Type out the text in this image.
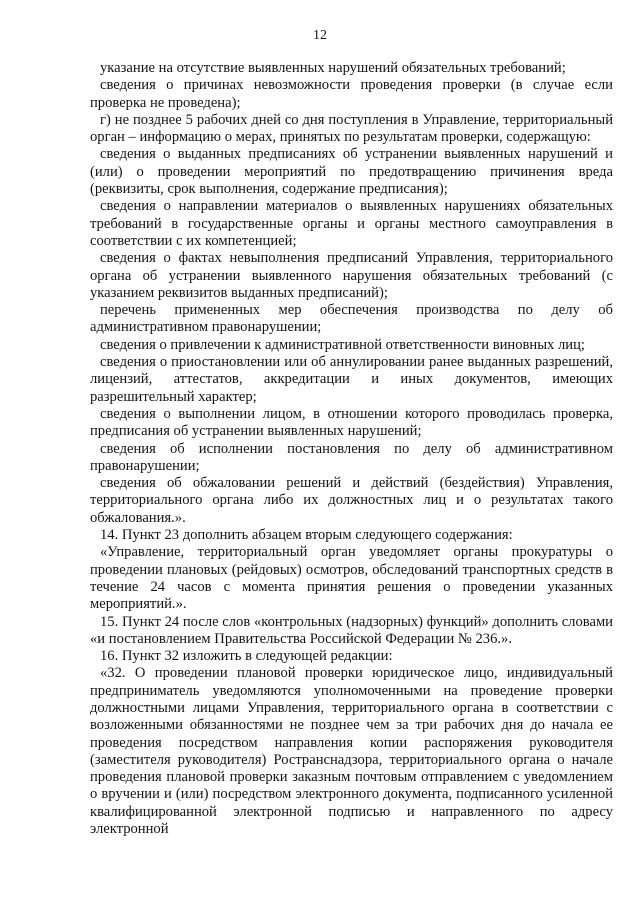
12

указание на отсутствие выявленных нарушений обязательных требований;

сведения о причинах невозможности проведения проверки (в случае если проверка не проведена);

г) не позднее 5 рабочих дней со дня поступления в Управление, территориальный орган – информацию о мерах, принятых по результатам проверки, содержащую:

сведения о выданных предписаниях об устранении выявленных нарушений и (или) о проведении мероприятий по предотвращению причинения вреда (реквизиты, срок выполнения, содержание предписания);

сведения о направлении материалов о выявленных нарушениях обязательных требований в государственные органы и органы местного самоуправления в соответствии с их компетенцией;

сведения о фактах невыполнения предписаний Управления, территориального органа об устранении выявленного нарушения обязательных требований (с указанием реквизитов выданных предписаний);

перечень примененных мер обеспечения производства по делу об административном правонарушении;

сведения о привлечении к административной ответственности виновных лиц;

сведения о приостановлении или об аннулировании ранее выданных разрешений, лицензий, аттестатов, аккредитации и иных документов, имеющих разрешительный характер;

сведения о выполнении лицом, в отношении которого проводилась проверка, предписания об устранении выявленных нарушений;

сведения об исполнении постановления по делу об административном правонарушении;

сведения об обжаловании решений и действий (бездействия) Управления, территориального органа либо их должностных лиц и о результатах такого обжалования.».

14. Пункт 23 дополнить абзацем вторым следующего содержания:

«Управление, территориальный орган уведомляет органы прокуратуры о проведении плановых (рейдовых) осмотров, обследований транспортных средств в течение 24 часов с момента принятия решения о проведении указанных мероприятий.».

15. Пункт 24 после слов «контрольных (надзорных) функций» дополнить словами «и постановлением Правительства Российской Федерации № 236.».

16. Пункт 32 изложить в следующей редакции:

«32. О проведении плановой проверки юридическое лицо, индивидуальный предприниматель уведомляются уполномоченными на проведение проверки должностными лицами Управления, территориального органа в соответствии с возложенными обязанностями не позднее чем за три рабочих дня до начала ее проведения посредством направления копии распоряжения руководителя (заместителя руководителя) Ространснадзора, территориального органа о начале проведения плановой проверки заказным почтовым отправлением с уведомлением о вручении и (или) посредством электронного документа, подписанного усиленной квалифицированной электронной подписью и направленного по адресу электронной
